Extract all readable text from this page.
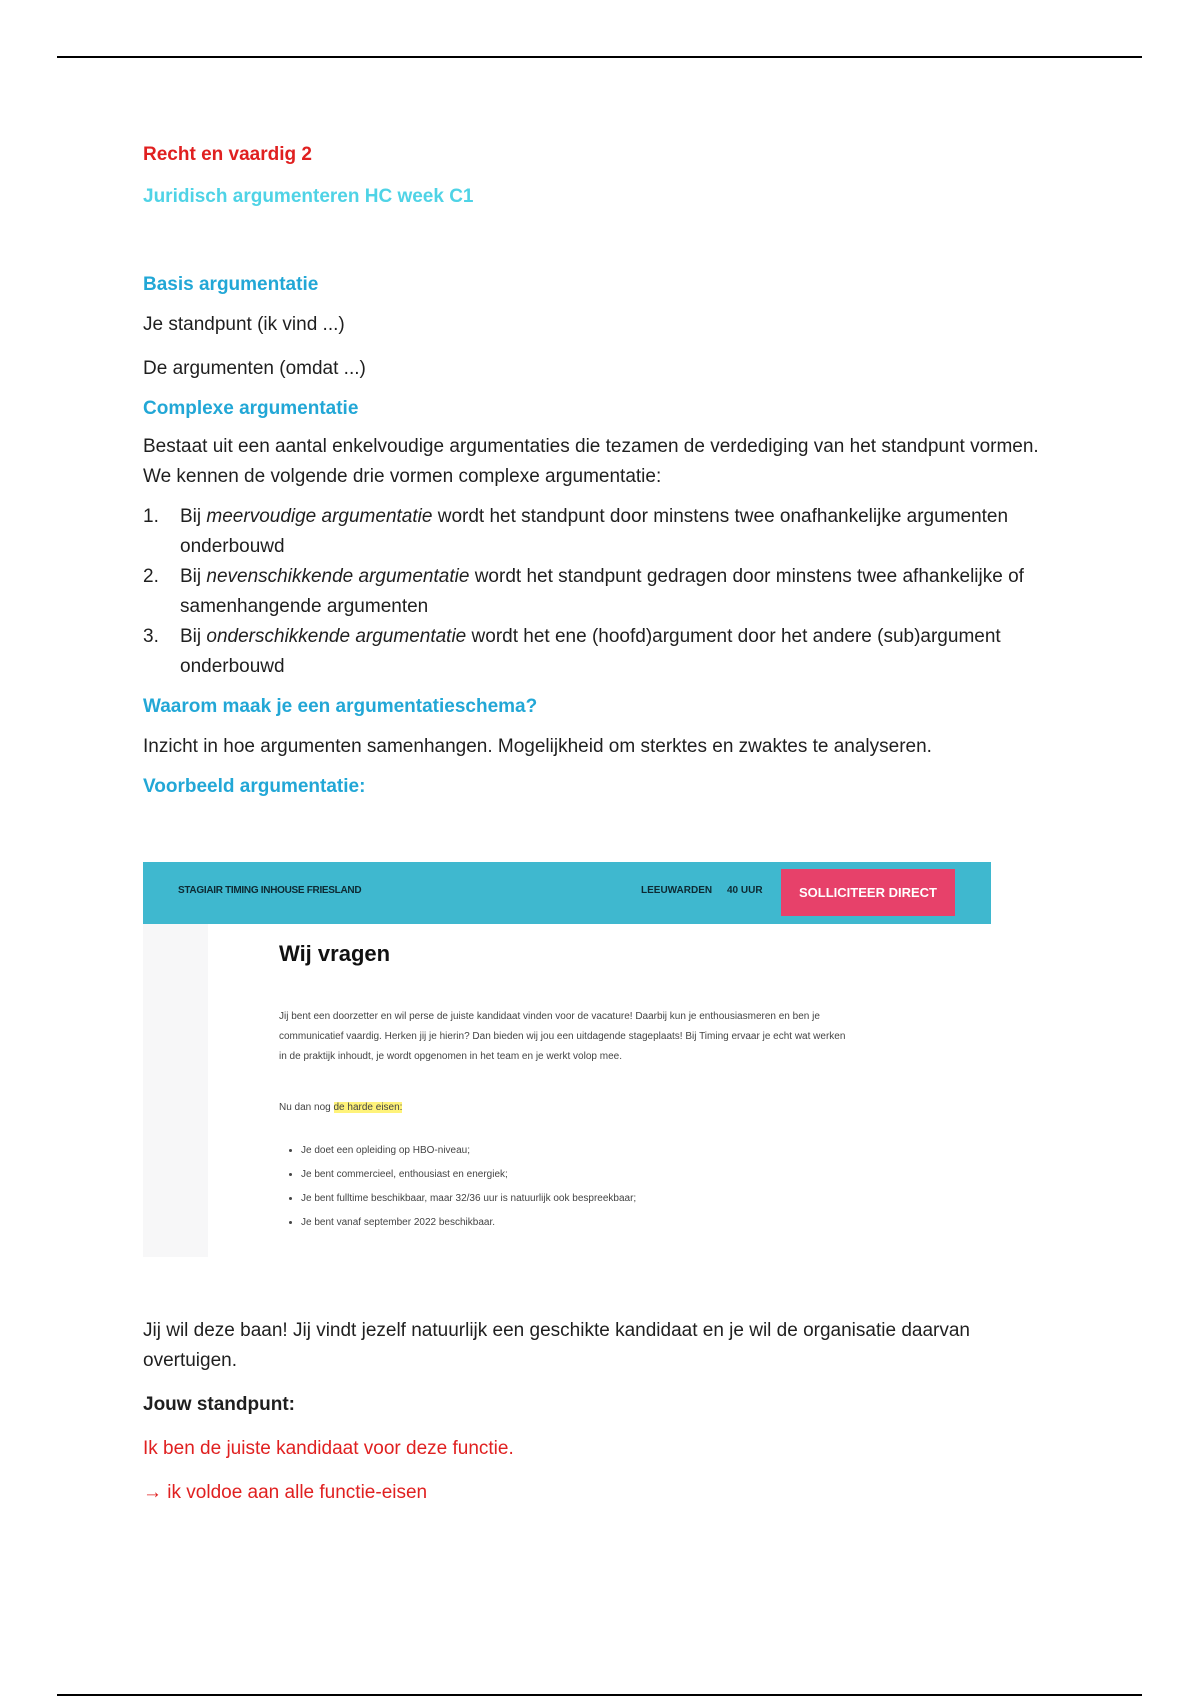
Recht en vaardig 2
Juridisch argumenteren HC week C1
Basis argumentatie

Je standpunt (ik vind ...)

De argumenten (omdat ...)

Complexe argumentatie

Bestaat uit een aantal enkelvoudige argumentaties die tezamen de verdediging van het standpunt vormen. We kennen de volgende drie vormen complexe argumentatie:

1. Bij meervoudige argumentatie wordt het standpunt door minstens twee onafhankelijke argumenten onderbouwd
2. Bij nevenschikkende argumentatie wordt het standpunt gedragen door minstens twee afhankelijke of samenhangende argumenten
3. Bij onderschikkende argumentatie wordt het ene (hoofd)argument door het andere (sub)argument onderbouwd
Waarom maak je een argumentatieschema?

Inzicht in hoe argumenten samenhangen. Mogelijkheid om sterktes en zwaktes te analyseren.

Voorbeeld argumentatie:
STAGIAIR TIMING INHOUSE FRIESLAND	LEEUWARDEN 40 UUR	SOLLICITEER DIRECT
Wij vragen
Jij bent een doorzetter en wil perse de juiste kandidaat vinden voor de vacature! Daarbij kun je enthousiasmeren en ben je communicatief vaardig. Herken jij je hierin? Dan bieden wij jou een uitdagende stageplaats! Bij Timing ervaar je echt wat werken in de praktijk inhoudt, je wordt opgenomen in het team en je werkt volop mee.
Nu dan nog de harde eisen:
• Je doet een opleiding op HBO-niveau;
• Je bent commercieel, enthousiast en energiek;
• Je bent fulltime beschikbaar, maar 32/36 uur is natuurlijk ook bespreekbaar;
• Je bent vanaf september 2022 beschikbaar.

Jij wil deze baan! Jij vindt jezelf natuurlijk een geschikte kandidaat en je wil de organisatie daarvan overtuigen.

Jouw standpunt:

Ik ben de juiste kandidaat voor deze functie.

→ ik voldoe aan alle functie-eisen
